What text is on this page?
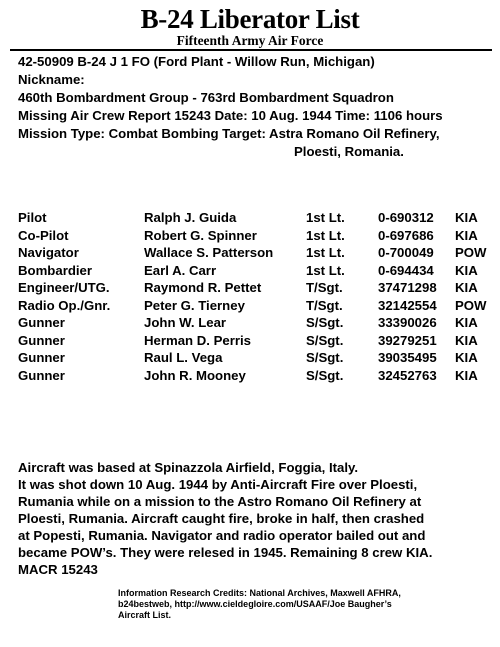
B-24 Liberator List
Fifteenth Army Air Force
42-50909 B-24 J 1 FO (Ford Plant - Willow Run, Michigan)
Nickname:
460th Bombardment Group - 763rd Bombardment Squadron
Missing Air Crew Report 15243 Date: 10 Aug. 1944 Time: 1106 hours
Mission Type: Combat Bombing Target: Astra Romano Oil Refinery,
Ploesti, Romania.
Pilot	Ralph J. Guida	1st Lt.	0-690312 KIA
Co-Pilot	Robert G. Spinner	1st Lt.	0-697686 KIA
Navigator	Wallace S. Patterson 1st Lt.	0-700049 POW
Bombardier	Earl A. Carr	1st Lt.	0-694434 KIA
Engineer/UTG.	Raymond R. Pettet	T/Sgt.	37471298 KIA
Radio Op./Gnr.	Peter G. Tierney	T/Sgt.	32142554 POW
Gunner	John W. Lear	S/Sgt.	33390026 KIA
Gunner	Herman D. Perris	S/Sgt.	39279251 KIA
Gunner	Raul L. Vega	S/Sgt.	39035495 KIA
Gunner	John R. Mooney	S/Sgt.	32452763 KIA
Aircraft was based at Spinazzola Airfield, Foggia, Italy.
It was shot down 10 Aug. 1944 by Anti-Aircraft Fire over Ploesti,
Rumania while on a mission to the Astro Romano Oil Refinery at
Ploesti, Rumania. Aircraft caught fire, broke in half, then crashed
at Popesti, Rumania. Navigator and radio operator bailed out and
became POW’s. They were relesed in 1945. Remaining 8 crew KIA.
MACR 15243
Information Research Credits: National Archives, Maxwell AFHRA,
b24bestweb, http://www.cieldegloire.com/USAAF/Joe Baugher’s
Aircraft List.
